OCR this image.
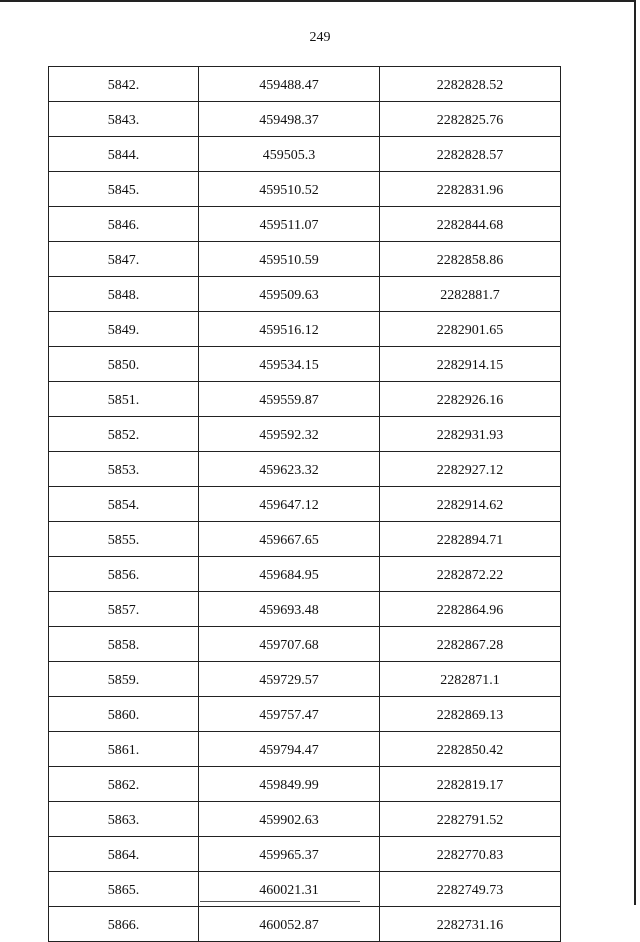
249
5842.	459488.47	2282828.52
5843.	459498.37	2282825.76
5844.	459505.3	2282828.57
5845.	459510.52	2282831.96
5846.	459511.07	2282844.68
5847.	459510.59	2282858.86
5848.	459509.63	2282881.7
5849.	459516.12	2282901.65
5850.	459534.15	2282914.15
5851.	459559.87	2282926.16
5852.	459592.32	2282931.93
5853.	459623.32	2282927.12
5854.	459647.12	2282914.62
5855.	459667.65	2282894.71
5856.	459684.95	2282872.22
5857.	459693.48	2282864.96
5858.	459707.68	2282867.28
5859.	459729.57	2282871.1
5860.	459757.47	2282869.13
5861.	459794.47	2282850.42
5862.	459849.99	2282819.17
5863.	459902.63	2282791.52
5864.	459965.37	2282770.83
5865.	460021.31	2282749.73
5866.	460052.87	2282731.16
